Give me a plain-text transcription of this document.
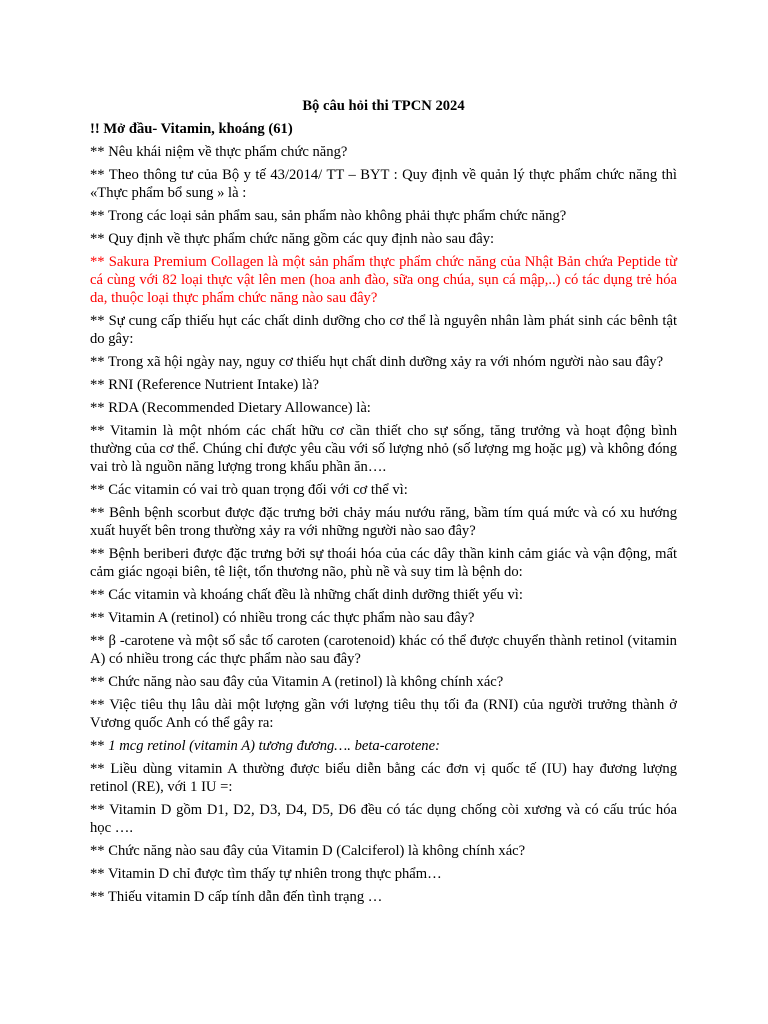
Bộ câu hỏi thi TPCN 2024
!! Mở đầu- Vitamin, khoáng (61)
** Nêu khái niệm về thực phẩm chức năng?
** Theo thông tư của Bộ y tế 43/2014/ TT – BYT : Quy định về quản lý thực phẩm chức năng thì «Thực phẩm bổ sung » là :
** Trong các loại sản phẩm sau, sản phẩm nào không phải thực phẩm chức năng?
** Quy định về thực phẩm chức năng gồm các quy định nào sau đây:
** Sakura Premium Collagen là một sản phẩm thực phẩm chức năng của Nhật Bản chứa Peptide từ cá cùng với 82 loại thực vật lên men (hoa anh đào, sữa ong chúa, sụn cá mập,..) có tác dụng trẻ hóa da, thuộc loại thực phẩm chức năng nào sau đây?
** Sự cung cấp thiếu hụt các chất dinh dưỡng cho cơ thể là nguyên nhân làm phát sinh các bênh tật do gây:
** Trong xã hội ngày nay, nguy cơ thiếu hụt chất dinh dưỡng xảy ra với nhóm người nào sau đây?
** RNI (Reference Nutrient Intake) là?
** RDA (Recommended Dietary Allowance) là:
** Vitamin là một nhóm các chất hữu cơ cần thiết cho sự sống, tăng trưởng và hoạt động bình thường của cơ thể. Chúng chỉ được yêu cầu với số lượng nhỏ (số lượng mg hoặc μg) và không đóng vai trò là nguồn năng lượng trong khẩu phần ăn….
** Các vitamin có vai trò quan trọng đối với cơ thể vì:
** Bênh bệnh scorbut được đặc trưng bởi chảy máu nướu răng, bầm tím quá mức và có xu hướng xuất huyết bên trong thường xảy ra với những người nào sao đây?
** Bệnh beriberi được đặc trưng bởi sự thoái hóa của các dây thần kinh cảm giác và vận động, mất cảm giác ngoại biên, tê liệt, tổn thương não, phù nề và suy tim là bệnh do:
** Các vitamin và khoáng chất đều là những chất dinh dưỡng thiết yếu vì:
** Vitamin A (retinol) có nhiều trong các thực phẩm nào sau đây?
** β -carotene và một số sắc tố caroten (carotenoid) khác có thể được chuyển thành retinol (vitamin A) có nhiều trong các thực phẩm nào sau đây?
** Chức năng nào sau đây của Vitamin A (retinol) là không chính xác?
** Việc tiêu thụ lâu dài một lượng gần với lượng tiêu thụ tối đa (RNI) của người trưởng thành ở Vương quốc Anh có thể gây ra:
** 1 mcg retinol (vitamin A) tương đương…. beta-carotene:
** Liều dùng vitamin A thường được biểu diễn bằng các đơn vị quốc tế (IU) hay đương lượng retinol (RE), với 1 IU =:
** Vitamin D gồm D1, D2, D3, D4, D5, D6 đều có tác dụng chống còi xương và có cấu trúc hóa học ….
** Chức năng nào sau đây của Vitamin D (Calciferol) là không chính xác?
** Vitamin D chỉ được tìm thấy tự nhiên trong thực phẩm…
** Thiếu vitamin D cấp tính dẫn đến tình trạng …
